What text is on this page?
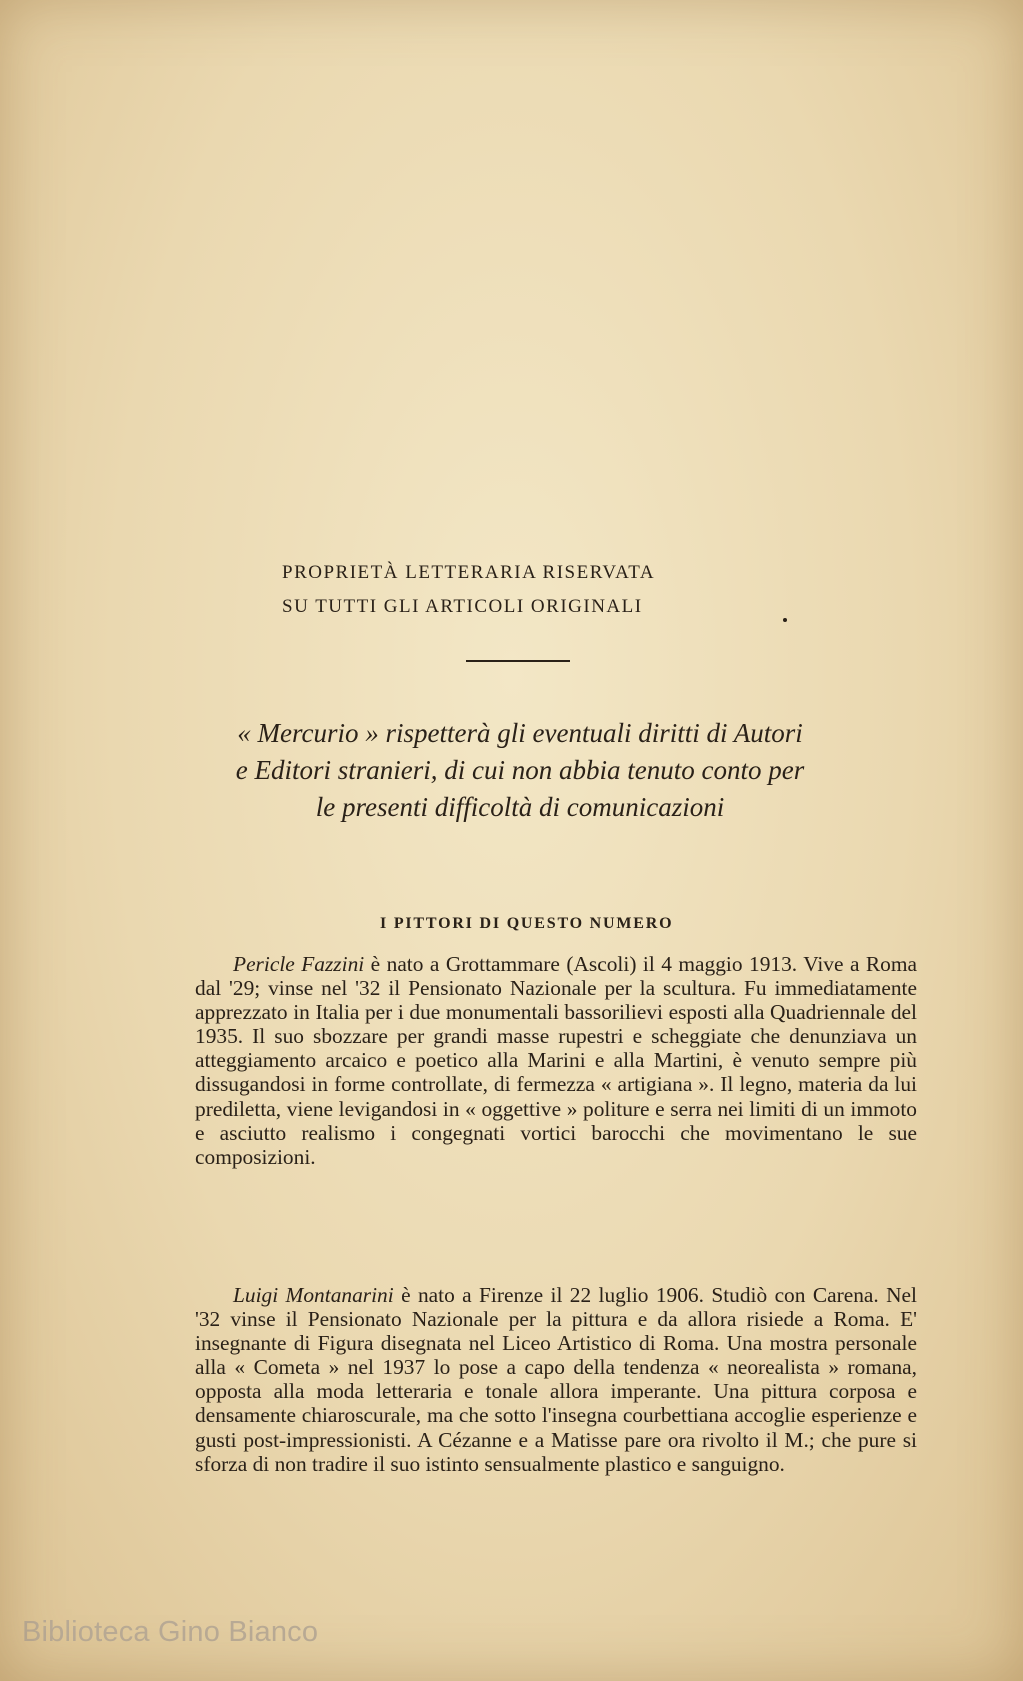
PROPRIETÀ LETTERARIA RISERVATA
SU TUTTI GLI ARTICOLI ORIGINALI
« Mercurio » rispetterà gli eventuali diritti di Autori
e Editori stranieri, di cui non abbia tenuto conto per
le presenti difficoltà di comunicazioni
I PITTORI DI QUESTO NUMERO

Pericle Fazzini è nato a Grottammare (Ascoli) il 4 maggio 1913. Vive a Roma dal '29; vinse nel '32 il Pensionato Nazionale per la scultura. Fu immediatamente apprezzato in Italia per i due monumentali bassorilievi esposti alla Quadriennale del 1935. Il suo sbozzare per grandi masse rupestri e scheggiate che denunziava un atteggiamento arcaico e poetico alla Marini e alla Martini, è venuto sempre più dissugandosi in forme controllate, di fermezza « artigiana ». Il legno, materia da lui prediletta, viene levigandosi in « oggettive » politure e serra nei limiti di un immoto e asciutto realismo i congegnati vortici barocchi che movimentano le sue composizioni.

Luigi Montanarini è nato a Firenze il 22 luglio 1906. Studiò con Carena. Nel '32 vinse il Pensionato Nazionale per la pittura e da allora risiede a Roma. E' insegnante di Figura disegnata nel Liceo Artistico di Roma. Una mostra personale alla « Cometa » nel 1937 lo pose a capo della tendenza « neorealista » romana, opposta alla moda letteraria e tonale allora imperante. Una pittura corposa e densamente chiaroscurale, ma che sotto l'insegna courbettiana accoglie esperienze e gusti post-impressionisti. A Cézanne e a Matisse pare ora rivolto il M.; che pure si sforza di non tradire il suo istinto sensualmente plastico e sanguigno.

Biblioteca Gino Bianco
